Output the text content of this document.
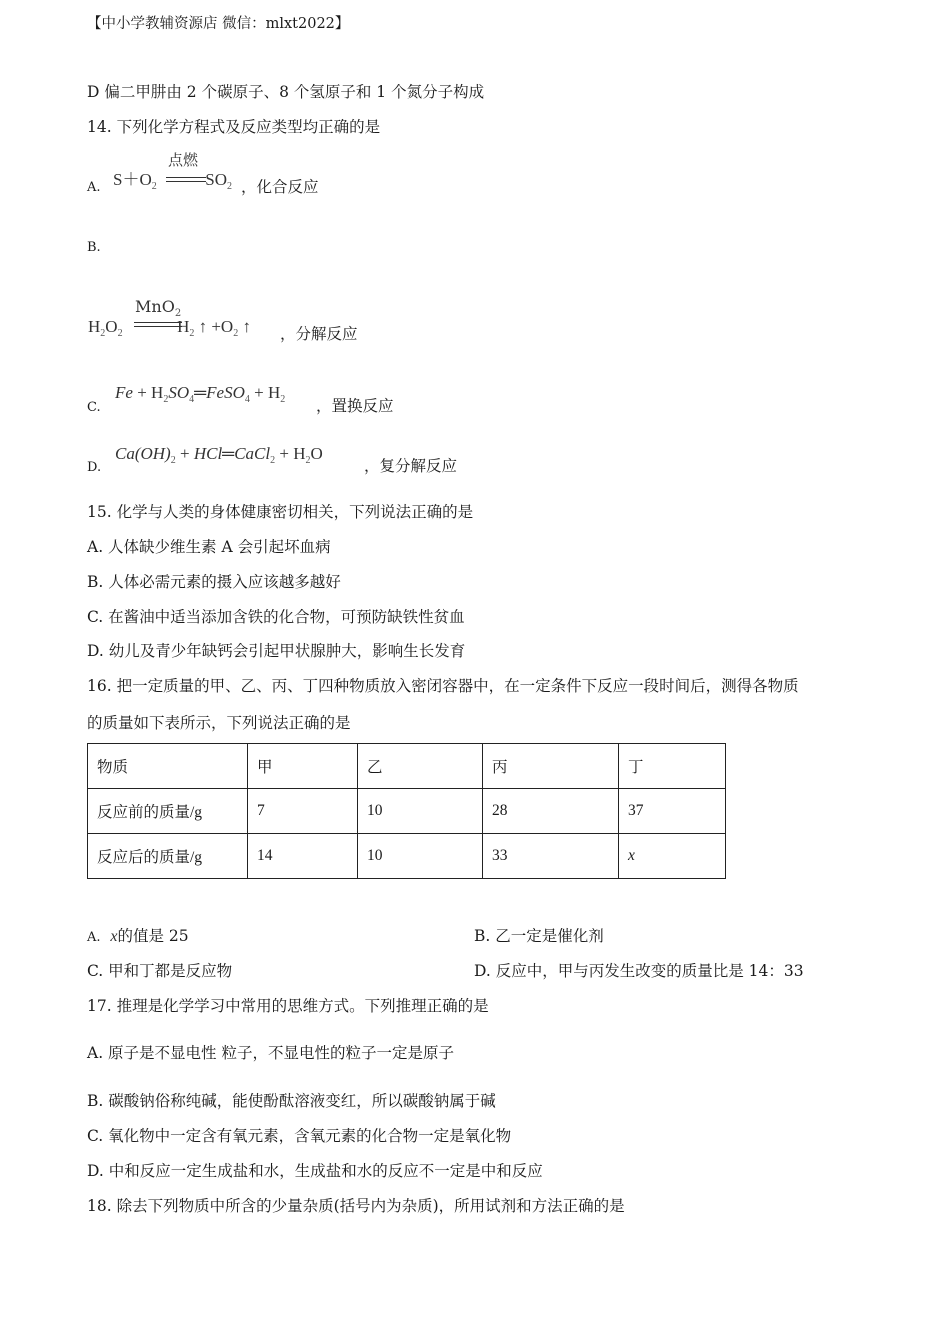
【中小学教辅资源店 微信：mlxt2022】
D 偏二甲肼由 2 个碳原子、8 个氢原子和 1 个氮分子构成
14. 下列化学方程式及反应类型均正确的是
A. $S+O_2$	$SO_2$
点燃
，化合反应
B.
MnO$_2$
$H_2O_2$	$H_2$ ↑ $+O_2$ ↑ ，分解反应
C.
$Fe + H_2SO_4═FeSO_4 + H_2$ ，置换反应
D.
$Ca(OH)_2$ + HCl═CaCl$_2$ + $H_2O$
，复分解反应
15. 化学与人类的身体健康密切相关，下列说法正确的是
A. 人体缺少维生素 A 会引起坏血病
B. 人体必需元素的摄入应该越多越好
C. 在酱油中适当添加含铁的化合物，可预防缺铁性贫血
D. 幼儿及青少年缺钙会引起甲状腺肿大，影响生长发育
16. 把一定质量的甲、乙、丙、丁四种物质放入密闭容器中，在一定条件下反应一段时间后，测得各物质
的质量如下表所示，下列说法正确的是
物质	甲	乙	丙	丁
反应前的质量/g	7	10	28	37
反应后的质量/g	14	10	33	x
A. x的值是 25	B. 乙一定是催化剂
C. 甲和丁都是反应物	D. 反应中，甲与丙发生改变的质量比是 14：33
17. 推理是化学学习中常用的思维方式。下列推理正确的是
A. 原子是不显电性 粒子，不显电性的粒子一定是原子
B. 碳酸钠俗称纯碱，能使酚酞溶液变红，所以碳酸钠属于碱
C. 氧化物中一定含有氧元素，含氧元素的化合物一定是氧化物
D. 中和反应一定生成盐和水，生成盐和水的反应不一定是中和反应
18. 除去下列物质中所含的少量杂质(括号内为杂质)，所用试剂和方法正确的是
